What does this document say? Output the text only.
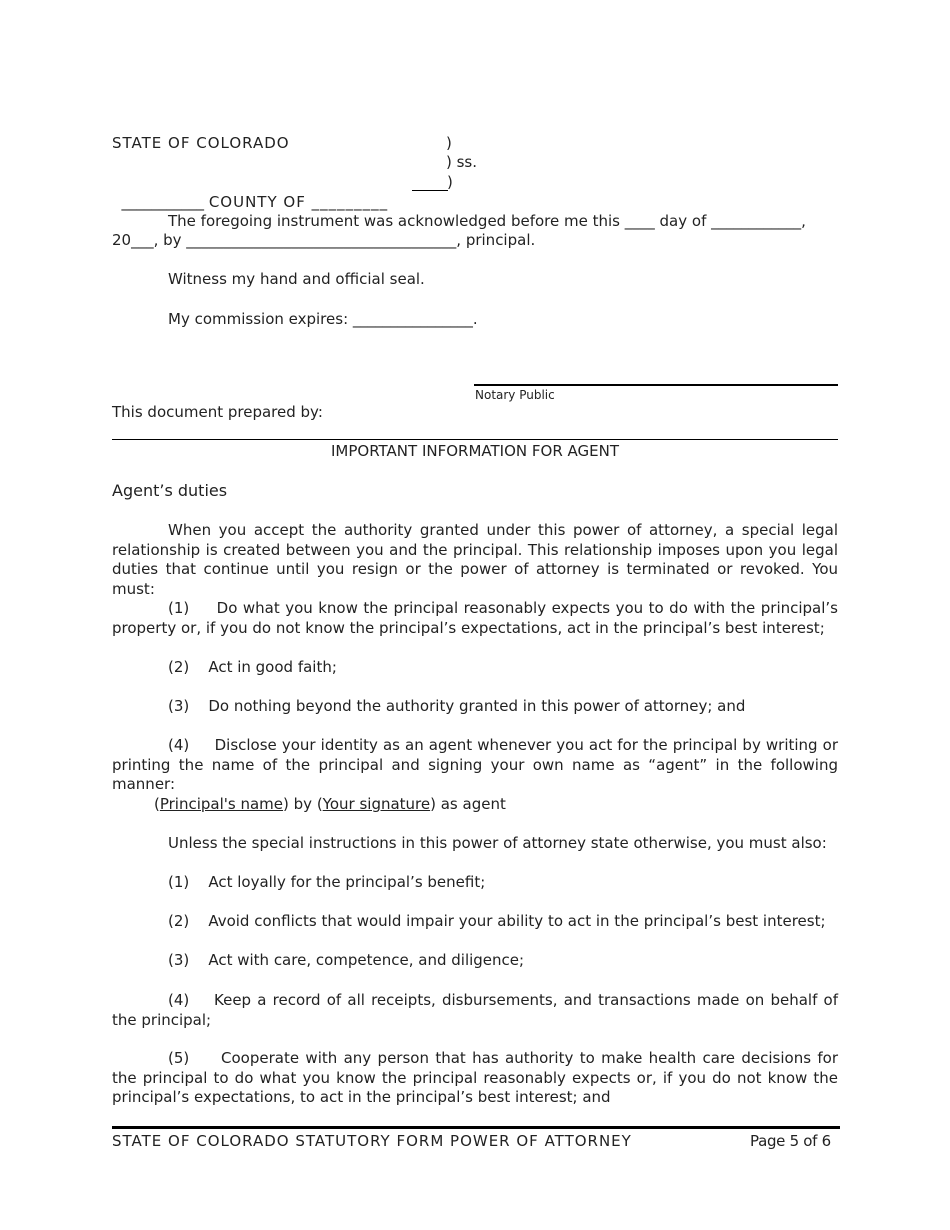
STATE OF COLORADO	)
) ss.

___________ COUNTY OF _________

)
The foregoing instrument was acknowledged before me this ____ day of ____________,
20___, by ____________________________________, principal.
Witness my hand and official seal.
My commission expires: ________________.
Notary Public
This document prepared by:
IMPORTANT INFORMATION FOR AGENT
Agent’s duties
When you accept the authority granted under this power of attorney, a special legal relationship is created between you and the principal. This relationship imposes upon you legal duties that continue until you resign or the power of attorney is terminated or revoked. You must:
(1) Do what you know the principal reasonably expects you to do with the principal’s property or, if you do not know the principal’s expectations, act in the principal’s best interest;
(2) Act in good faith;
(3) Do nothing beyond the authority granted in this power of attorney; and
(4) Disclose your identity as an agent whenever you act for the principal by writing or printing the name of the principal and signing your own name as “agent” in the following manner:
(Principal's name) by (Your signature) as agent
Unless the special instructions in this power of attorney state otherwise, you must also:
(1) Act loyally for the principal’s benefit;
(2) Avoid conflicts that would impair your ability to act in the principal’s best interest;
(3) Act with care, competence, and diligence;
(4) Keep a record of all receipts, disbursements, and transactions made on behalf of the principal;
(5) Cooperate with any person that has authority to make health care decisions for the principal to do what you know the principal reasonably expects or, if you do not know the principal’s expectations, to act in the principal’s best interest; and
STATE OF COLORADO STATUTORY FORM POWER OF ATTORNEY	Page 5 of 6
